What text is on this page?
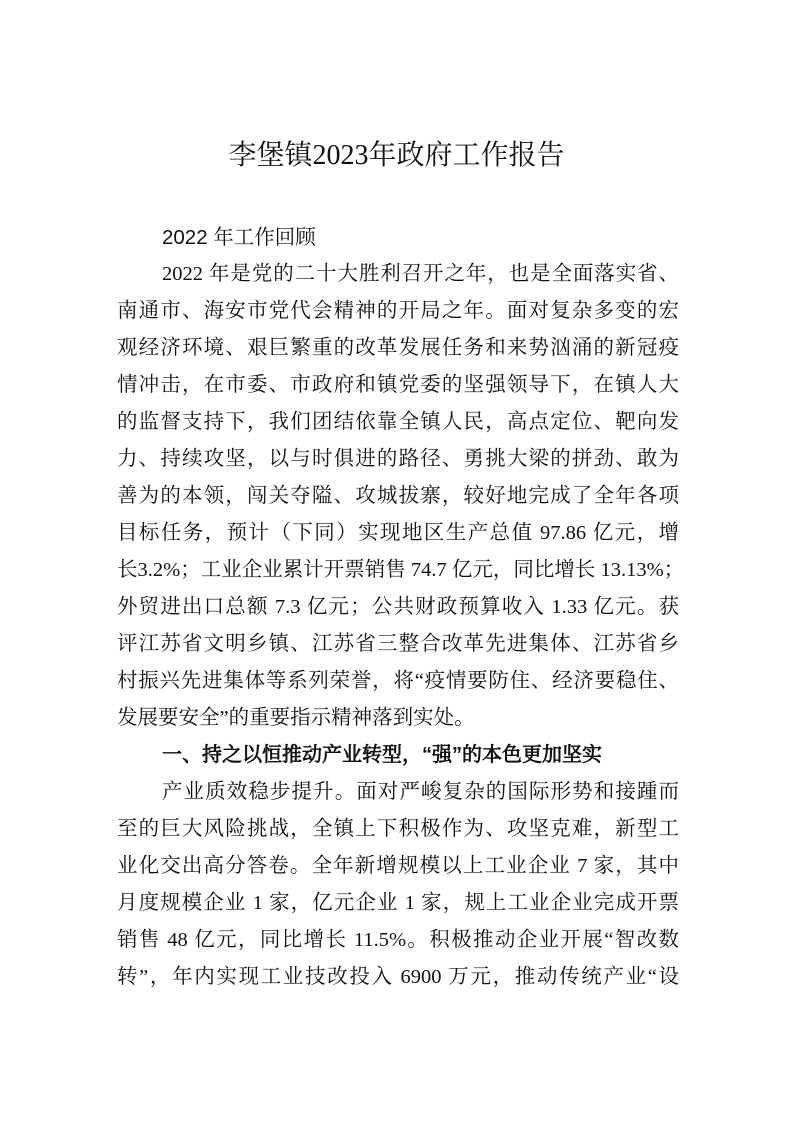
李堡镇2023年政府工作报告
2022 年工作回顾
2022 年是党的二十大胜利召开之年，也是全面落实省、
南通市、海安市党代会精神的开局之年。面对复杂多变的宏
观经济环境、艰巨繁重的改革发展任务和来势汹涌的新冠疫
情冲击，在市委、市政府和镇党委的坚强领导下，在镇人大
的监督支持下，我们团结依靠全镇人民，高点定位、靶向发
力、持续攻坚，以与时俱进的路径、勇挑大梁的拼劲、敢为
善为的本领，闯关夺隘、攻城拔寨，较好地完成了全年各项
目标任务，预计（下同）实现地区生产总值 97.86 亿元，增
长3.2%；工业企业累计开票销售 74.7 亿元，同比增长 13.13%；
外贸进出口总额 7.3 亿元；公共财政预算收入 1.33 亿元。获
评江苏省文明乡镇、江苏省三整合改革先进集体、江苏省乡
村振兴先进集体等系列荣誉，将“疫情要防住、经济要稳住、
发展要安全”的重要指示精神落到实处。
一、持之以恒推动产业转型，“强”的本色更加坚实
产业质效稳步提升。面对严峻复杂的国际形势和接踵而
至的巨大风险挑战，全镇上下积极作为、攻坚克难，新型工
业化交出高分答卷。全年新增规模以上工业企业 7 家，其中
月度规模企业 1 家，亿元企业 1 家，规上工业企业完成开票
销售 48 亿元，同比增长 11.5%。积极推动企业开展“智改数
转”，年内实现工业技改投入 6900 万元，推动传统产业“设
